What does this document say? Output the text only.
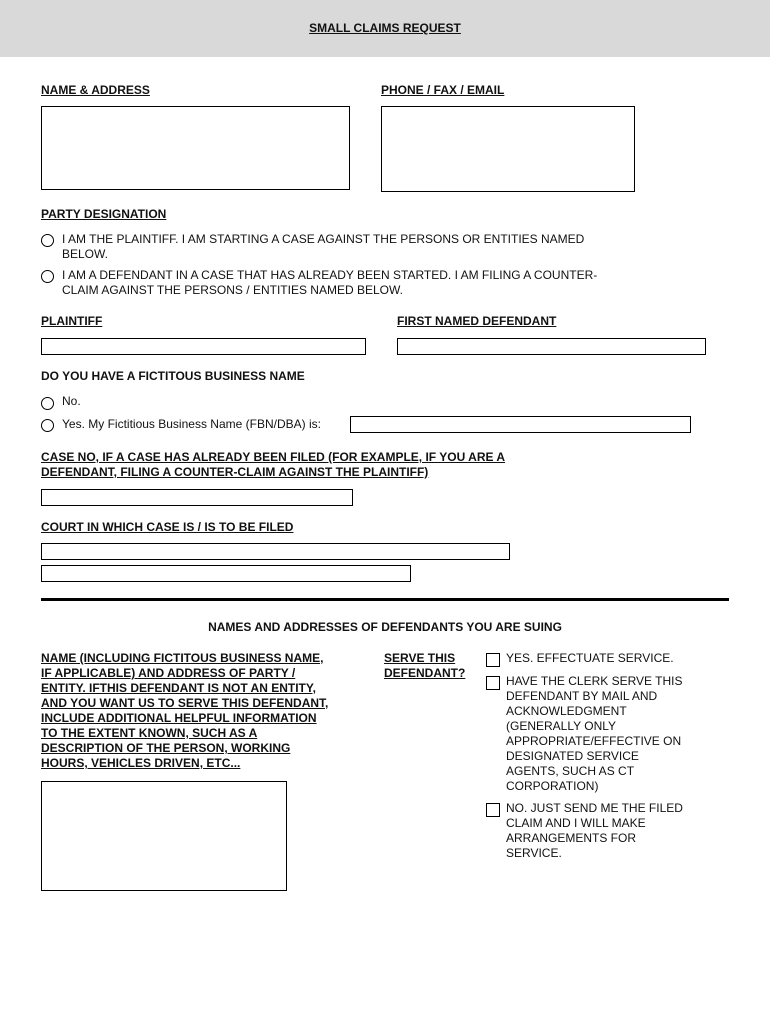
SMALL CLAIMS REQUEST
NAME & ADDRESS	PHONE / FAX / EMAIL
PARTY DESIGNATION
I AM THE PLAINTIFF. I AM STARTING A CASE AGAINST THE PERSONS OR ENTITIES NAMED BELOW.
I AM A DEFENDANT IN A CASE THAT HAS ALREADY BEEN STARTED. I AM FILING A COUNTER-CLAIM AGAINST THE PERSONS / ENTITIES NAMED BELOW.
PLAINTIFF	FIRST NAMED DEFENDANT
DO YOU HAVE A FICTITOUS BUSINESS NAME
No.
Yes. My Fictitious Business Name (FBN/DBA) is:
CASE NO, IF A CASE HAS ALREADY BEEN FILED (FOR EXAMPLE, IF YOU ARE A DEFENDANT, FILING A COUNTER-CLAIM AGAINST THE PLAINTIFF)
COURT IN WHICH CASE IS / IS TO BE FILED
NAMES AND ADDRESSES OF DEFENDANTS YOU ARE SUING
NAME (INCLUDING FICTITOUS BUSINESS NAME, IF APPLICABLE) AND ADDRESS OF PARTY / ENTITY. IFTHIS DEFENDANT IS NOT AN ENTITY, AND YOU WANT US TO SERVE THIS DEFENDANT, INCLUDE ADDITIONAL HELPFUL INFORMATION TO THE EXTENT KNOWN, SUCH AS A DESCRIPTION OF THE PERSON, WORKING HOURS, VEHICLES DRIVEN, ETC...
SERVE THIS DEFENDANT?
YES. EFFECTUATE SERVICE.
HAVE THE CLERK SERVE THIS DEFENDANT BY MAIL AND ACKNOWLEDGMENT (GENERALLY ONLY APPROPRIATE/EFFECTIVE ON DESIGNATED SERVICE AGENTS, SUCH AS CT CORPORATION)
NO. JUST SEND ME THE FILED CLAIM AND I WILL MAKE ARRANGEMENTS FOR SERVICE.
